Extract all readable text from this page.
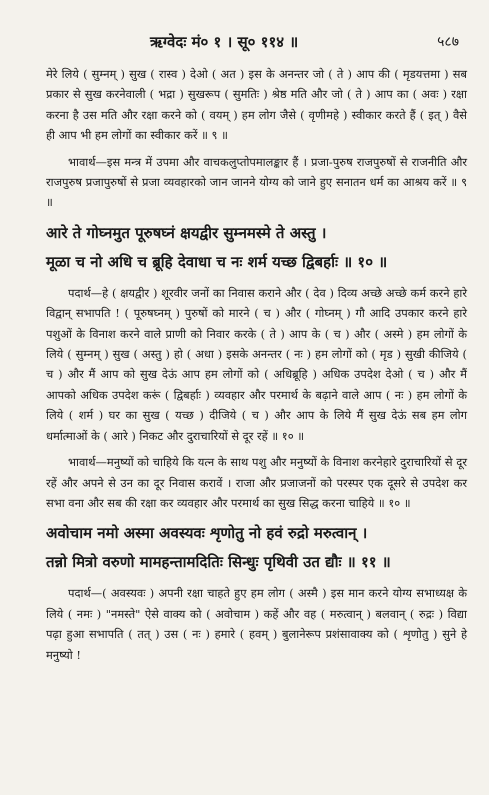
ऋग्वेदः मं० १ । सू० ११४ ॥	५८७

मेरे लिये ( सुम्नम् ) सुख ( रास्व ) देओ ( अत ) इस के अनन्तर जो ( ते ) आप की ( मृडयत्तमा ) सब प्रकार से सुख करनेवाली ( भद्रा ) सुखरूप ( सुमतिः ) श्रेष्ठ मति और जो ( ते ) आप का ( अवः ) रक्षा करना है उस मति और रक्षा करने को ( वयम् ) हम लोग जैसे ( वृणीमहे ) स्वीकार करते हैं ( इत् ) वैसे ही आप भी हम लोगों का स्वीकार करें ॥ ९ ॥

भावार्थ—इस मन्त्र में उपमा और वाचकलुप्तोपमालङ्कार हैं । प्रजा-पुरुष राजपुरुषों से राजनीति और राजपुरुष प्रजापुरुषों से प्रजा व्यवहारको जान जानने योग्य को जाने हुए सनातन धर्म का आश्रय करें ॥ ९ ॥

आरे ते गोघ्नमुत पूरुषघ्नं क्षयद्वीर सुम्नमस्मे ते अस्तु ।

मूळा च नो अधि च ब्रूहि देवाधा च नः शर्म यच्छ द्विबर्हाः ॥ १० ॥

पदार्थ—हे ( क्षयद्वीर ) शूरवीर जनों का निवास कराने और ( देव ) दिव्य अच्छे अच्छे कर्म करने हारे विद्वान् सभापति ! ( पूरुषघ्नम् ) पुरुषों को मारने ( च ) और ( गोघ्नम् ) गौ आदि उपकार करने हारे पशुओं के विनाश करने वाले प्राणी को निवार करके ( ते ) आप के ( च ) और ( अस्मे ) हम लोगों के लिये ( सुम्नम् ) सुख ( अस्तु ) हो ( अधा ) इसके अनन्तर ( नः ) हम लोगों को ( मृड ) सुखी कीजिये ( च ) और मैं आप को सुख देऊं आप हम लोगों को ( अधिब्रूहि ) अधिक उपदेश देओ ( च ) और मैं आपको अधिक उपदेश करूं ( द्विबर्हाः ) व्यवहार और परमार्थ के बढ़ाने वाले आप ( नः ) हम लोगों के लिये ( शर्म ) घर का सुख ( यच्छ ) दीजिये ( च ) और आप के लिये मैं सुख देऊं सब हम लोग धर्मात्माओं के ( आरे ) निकट और दुराचारियों से दूर रहें ॥ १० ॥

भावार्थ—मनुष्यों को चाहिये कि यत्न के साथ पशु और मनुष्यों के विनाश करनेहारे दुराचारियों से दूर रहें और अपने से उन का दूर निवास करावें । राजा और प्रजाजनों को परस्पर एक दूसरे से उपदेश कर सभा वना और सब की रक्षा कर व्यवहार और परमार्थ का सुख सिद्ध करना चाहिये ॥ १० ॥

अवोचाम नमो अस्मा अवस्यवः शृणोतु नो हवं रुद्रो मरुत्वान् ।

तन्नो मित्रो वरुणो मामहन्तामदितिः सिन्धुः पृथिवी उत द्यौः ॥ ११ ॥

पदार्थ—( अवस्यवः ) अपनी रक्षा चाहते हुए हम लोग ( अस्मै ) इस मान करने योग्य सभाध्यक्ष के लिये ( नमः ) "नमस्ते" ऐसे वाक्य को ( अवोचाम ) कहें और वह ( मरुत्वान् ) बलवान् ( रुद्रः ) विद्या पढ़ा हुआ सभापति ( तत् ) उस ( नः ) हमारे ( हवम् ) बुलानेरूप प्रशंसावाक्य को ( शृणोतु ) सुने हे मनुष्यो !
